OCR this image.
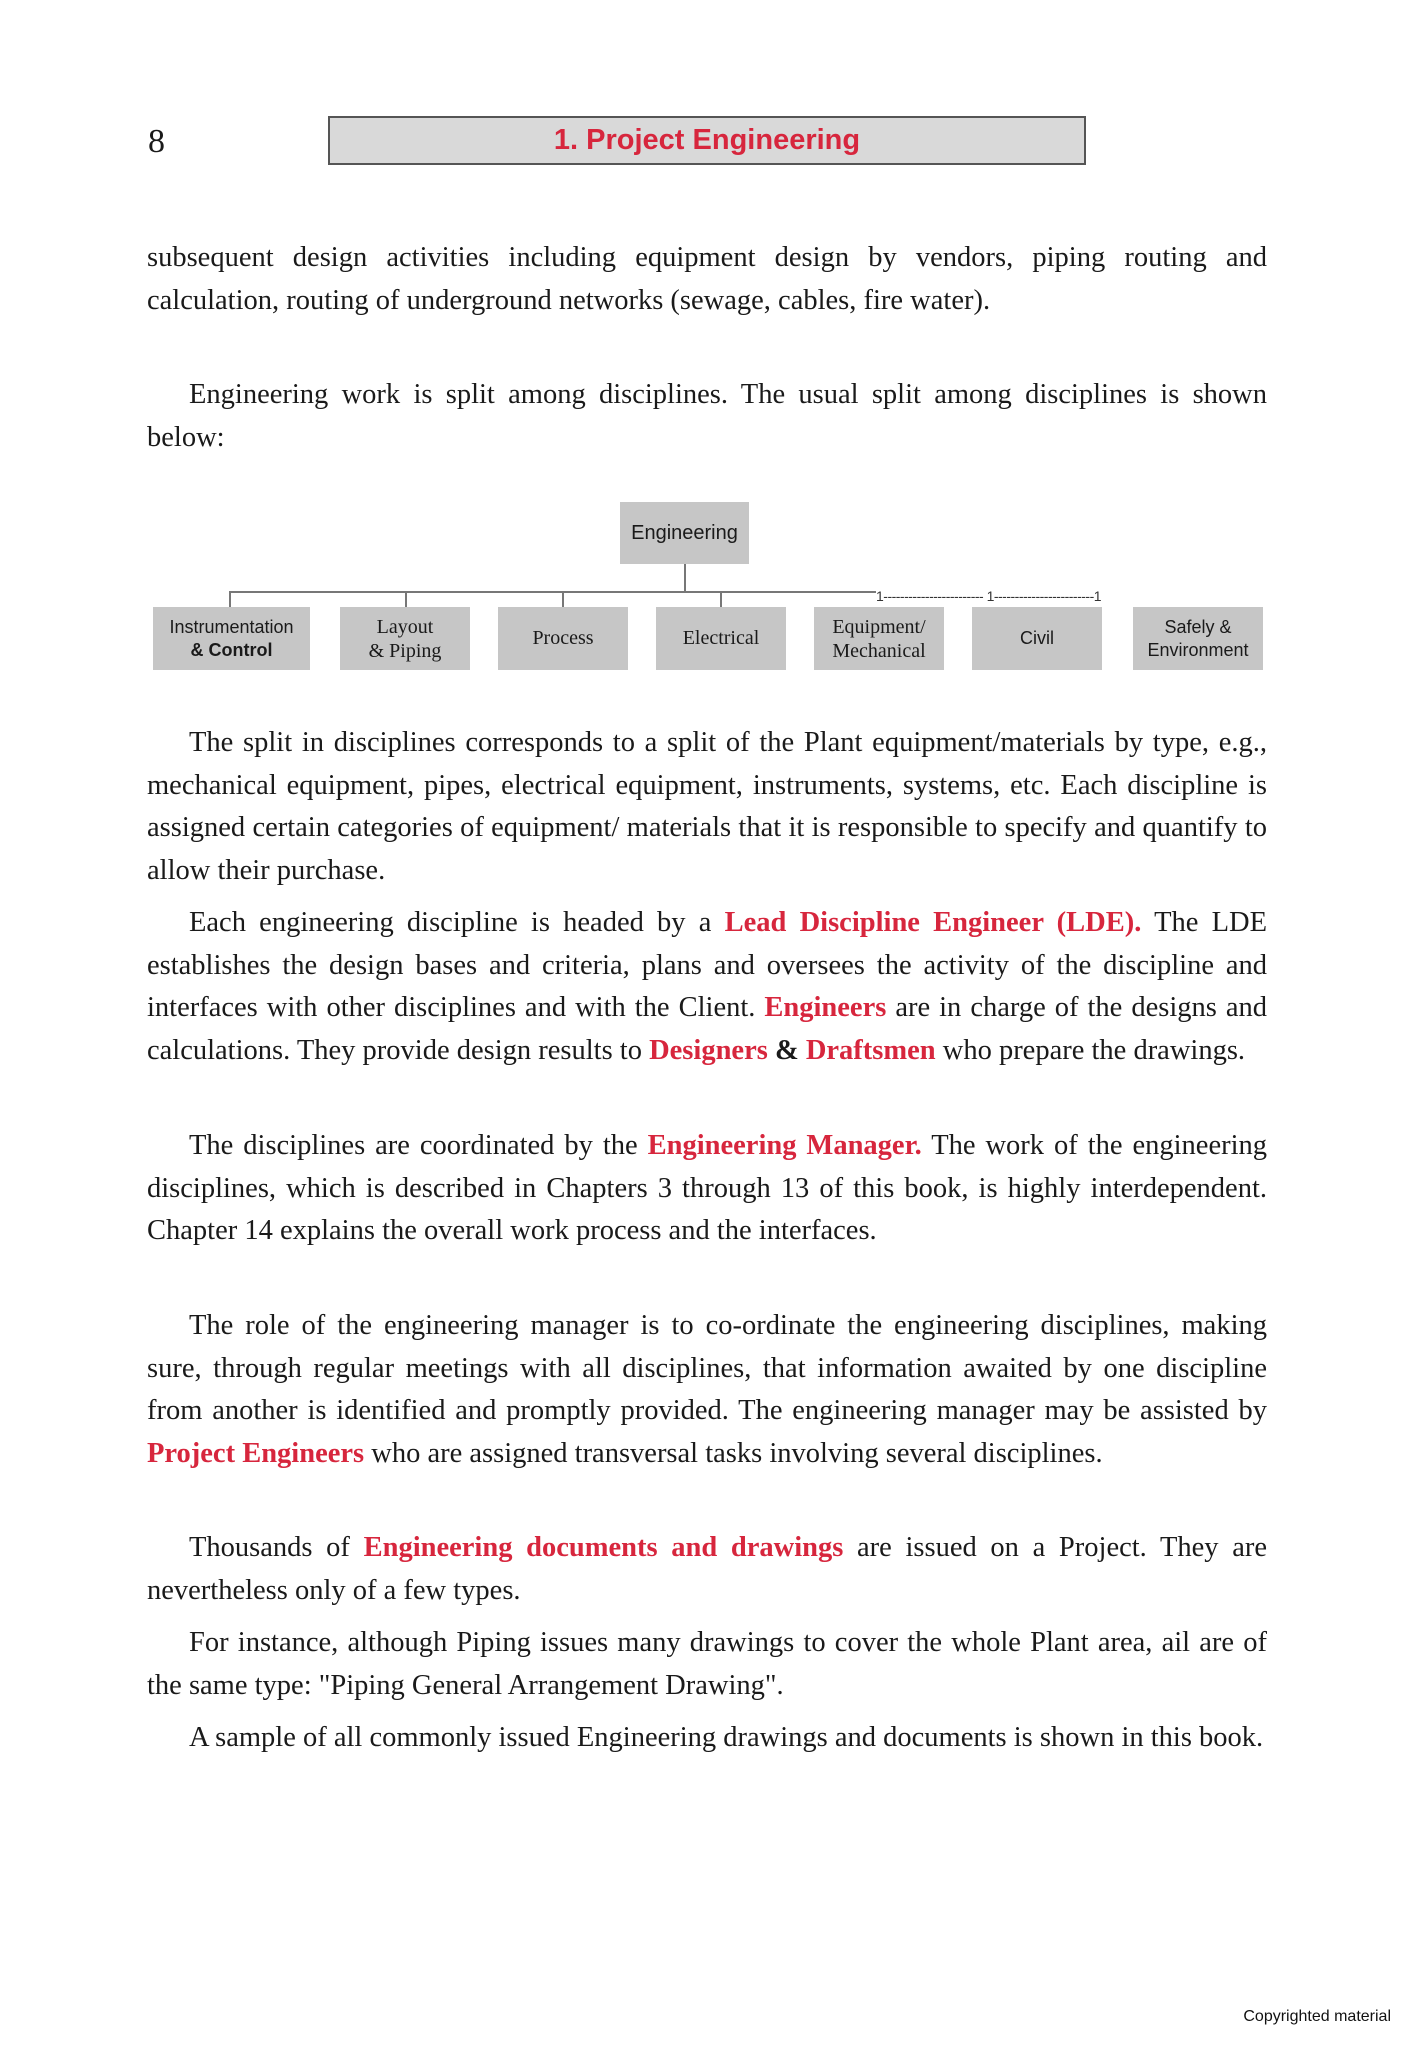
8	1. Project Engineering

subsequent design activities including equipment design by vendors, piping routing and calculation, routing of underground networks (sewage, cables, fire water).

Engineering work is split among disciplines. The usual split among disciplines is shown below:

Engineering
1------------------------ 1------------------------1
Instrumentation
& Control
Layout
& Piping
Process	Electrical
Equipment/
Mechanical
Civil
Safely &
Environment

The split in disciplines corresponds to a split of the Plant equipment/materials by type, e.g., mechanical equipment, pipes, electrical equipment, instruments, systems, etc. Each discipline is assigned certain categories of equipment/ materials that it is responsible to specify and quantify to allow their purchase.

Each engineering discipline is headed by a Lead Discipline Engineer (LDE). The LDE establishes the design bases and criteria, plans and oversees the activity of the discipline and interfaces with other disciplines and with the Client. Engineers are in charge of the designs and calculations. They provide design results to Designers & Draftsmen who prepare the drawings.

The disciplines are coordinated by the Engineering Manager. The work of the engineering disciplines, which is described in Chapters 3 through 13 of this book, is highly interdependent. Chapter 14 explains the overall work process and the interfaces.

The role of the engineering manager is to co-ordinate the engineering disciplines, making sure, through regular meetings with all disciplines, that information awaited by one discipline from another is identified and promptly provided. The engineering manager may be assisted by Project Engineers who are assigned transversal tasks involving several disciplines.

Thousands of Engineering documents and drawings are issued on a Project. They are nevertheless only of a few types.

For instance, although Piping issues many drawings to cover the whole Plant area, ail are of the same type: "Piping General Arrangement Drawing".

A sample of all commonly issued Engineering drawings and documents is shown in this book.

Copyrighted material
